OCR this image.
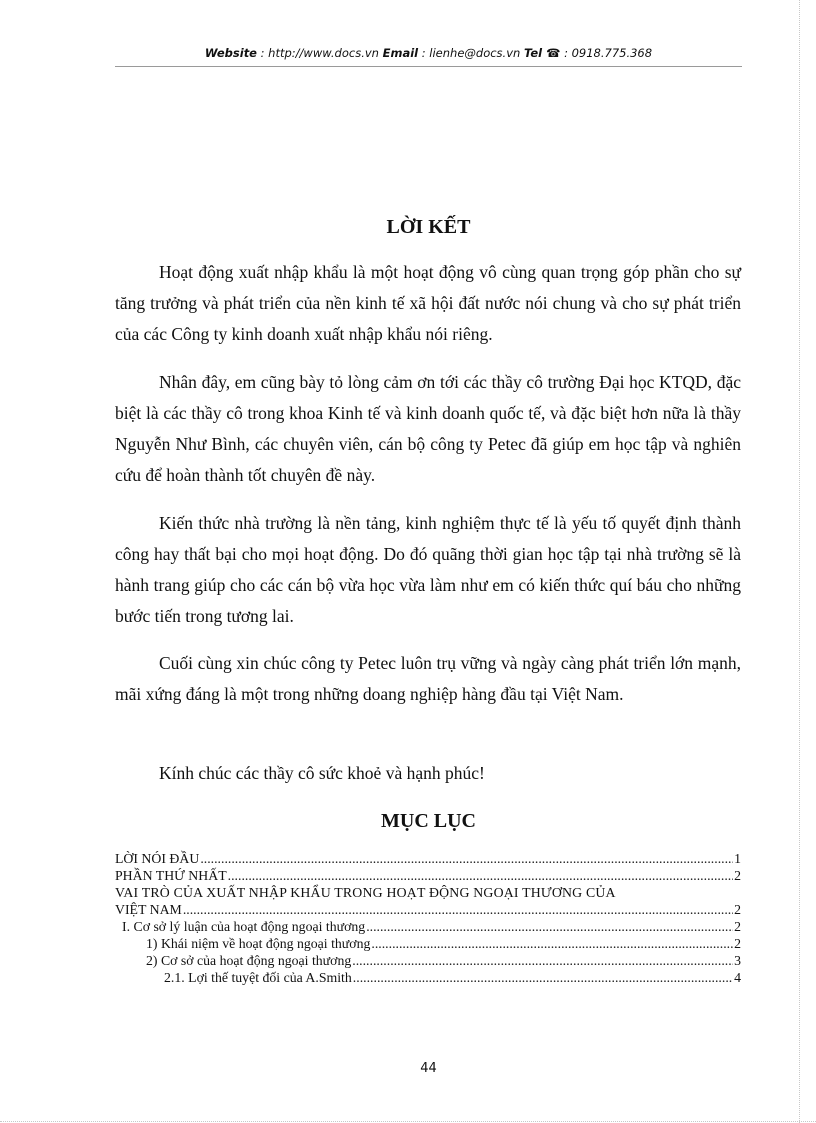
Website : http://www.docs.vn Email : lienhe@docs.vn Tel ☎ : 0918.775.368
LỜI KẾT

Hoạt động xuất nhập khẩu là một hoạt động vô cùng quan trọng góp phần cho sự tăng trưởng và phát triển của nền kinh tế xã hội đất nước nói chung và cho sự phát triển của các Công ty kinh doanh xuất nhập khẩu nói riêng.

Nhân đây, em cũng bày tỏ lòng cảm ơn tới các thầy cô trường Đại học KTQD, đặc biệt là các thầy cô trong khoa Kinh tế và kinh doanh quốc tế, và đặc biệt hơn nữa là thầy Nguyễn Như Bình, các chuyên viên, cán bộ công ty Petec đã giúp em học tập và nghiên cứu để hoàn thành tốt chuyên đề này.

Kiến thức nhà trường là nền tảng, kinh nghiệm thực tế là yếu tố quyết định thành công hay thất bại cho mọi hoạt động. Do đó quãng thời gian học tập tại nhà trường sẽ là hành trang giúp cho các cán bộ vừa học vừa làm như em có kiến thức quí báu cho những bước tiến trong tương lai.

Cuối cùng xin chúc công ty Petec luôn trụ vững và ngày càng phát triển lớn mạnh, mãi xứng đáng là một trong những doang nghiệp hàng đầu tại Việt Nam.

Kính chúc các thầy cô sức khoẻ và hạnh phúc!

MỤC LỤC
LỜI NÓI ĐẦU .....	1
PHẦN THỨ NHẤT .....	2
VAI TRÒ CỦA XUẤT NHẬP KHẨU TRONG HOẠT ĐỘNG NGOẠI THƯƠNG CỦA
VIỆT NAM .....	2
I. Cơ sở lý luận của hoạt động ngoại thương .....	2
1) Khái niệm về hoạt động ngoại thương .....	2
2) Cơ sở của hoạt động ngoại thương .....	3
2.1. Lợi thế tuyệt đối của A.Smith .....	4
44
